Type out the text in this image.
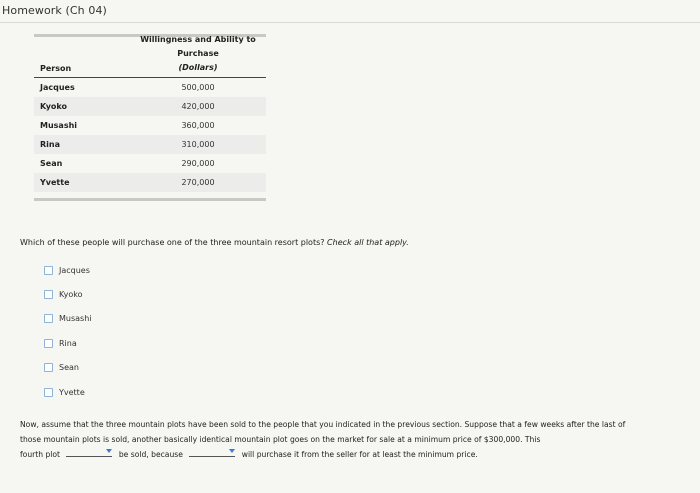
Homework (Ch 04)
Person
Willingness and Ability to Purchase
(Dollars)
Jacques	500,000
Kyoko	420,000
Musashi	360,000
Rina	310,000
Sean	290,000
Yvette	270,000
Which of these people will purchase one of the three mountain resort plots? Check all that apply.
Jacques
Kyoko
Musashi
Rina
Sean
Yvette
Now, assume that the three mountain plots have been sold to the people that you indicated in the previous section. Suppose that a few weeks after the last of those mountain plots is sold, another basically identical mountain plot goes on the market for sale at a minimum price of $300,000. This
fourth plot	be sold, because	will purchase it from the seller for at least the minimum price.
